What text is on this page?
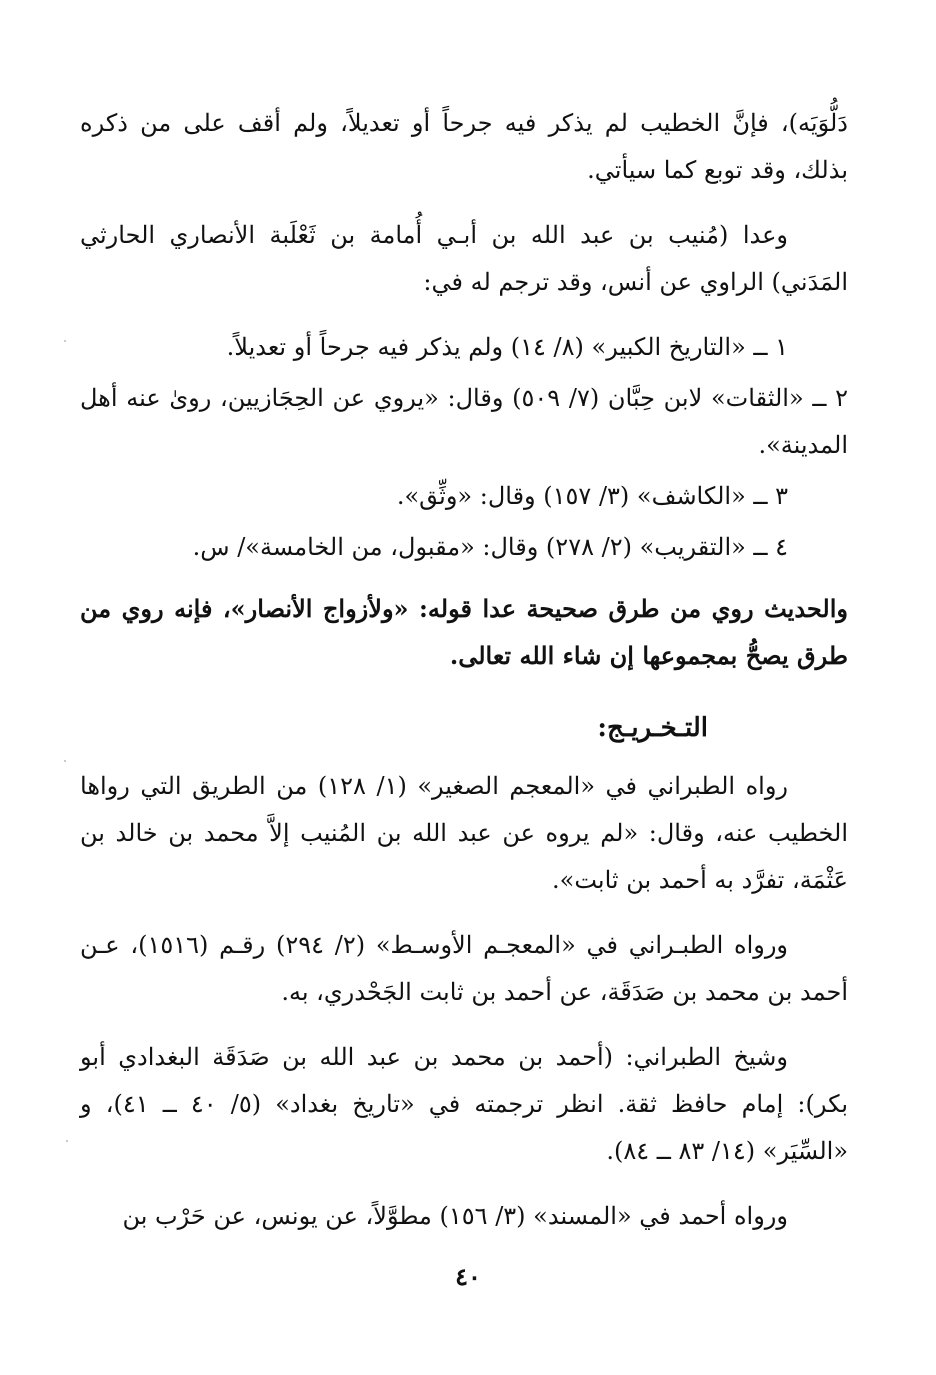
دَلُّوَيَه)، فإنَّ الخطيب لم يذكر فيه جرحاً أو تعديلاً، ولم أقف على من ذكره بذلك، وقد توبع كما سيأتي.

وعدا (مُنيب بن عبد الله بن أبـي أُمامة بن ثَعْلَبة الأنصاري الحارثي المَدَني) الراوي عن أنس، وقد ترجم له في:

١ ــ «التاريخ الكبير» (٨/ ١٤) ولم يذكر فيه جرحاً أو تعديلاً.

٢ ــ «الثقات» لابن حِبَّان (٧/ ٥٠٩) وقال: «يروي عن الحِجَازيين، روىٰ عنه أهل المدينة».

٣ ــ «الكاشف» (٣/ ١٥٧) وقال: «وثِّق».

٤ ــ «التقريب» (٢/ ٢٧٨) وقال: «مقبول، من الخامسة»/ س.

والحديث روي من طرق صحيحة عدا قوله: «ولأزواج الأنصار»، فإنه روي من طرق يصحُّ بمجموعها إن شاء الله تعالى.

التـخـريـج:

رواه الطبراني في «المعجم الصغير» (١/ ١٢٨) من الطريق التي رواها الخطيب عنه، وقال: «لم يروه عن عبد الله بن المُنيب إلاَّ محمد بن خالد بن عَثْمَة، تفرَّد به أحمد بن ثابت».

ورواه الطبـراني في «المعجـم الأوسـط» (٢/ ٢٩٤) رقـم (١٥١٦)، عـن أحمد بن محمد بن صَدَقَة، عن أحمد بن ثابت الجَحْدري، به.

وشيخ الطبراني: (أحمد بن محمد بن عبد الله بن صَدَقَة البغدادي أبو بكر): إمام حافظ ثقة. انظر ترجمته في «تاريخ بغداد» (٥/ ٤٠ ــ ٤١)، و «السِّيَر» (١٤/ ٨٣ ــ ٨٤).

ورواه أحمد في «المسند» (٣/ ١٥٦) مطوَّلاً، عن يونس، عن حَرْب بن

٤٠
